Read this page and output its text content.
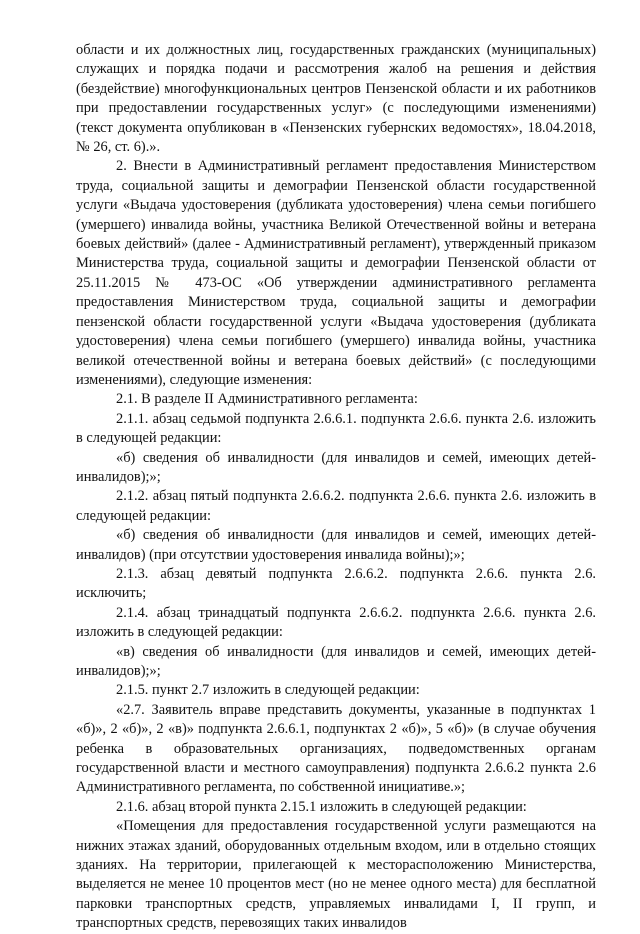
области и их должностных лиц, государственных гражданских (муниципальных) служащих и порядка подачи и рассмотрения жалоб на решения и действия (бездействие) многофункциональных центров Пензенской области и их работников при предоставлении государственных услуг» (с последующими изменениями) (текст документа опубликован в «Пензенских губернских ведомостях», 18.04.2018, № 26, ст. 6).».

2. Внести в Административный регламент предоставления Министерством труда, социальной защиты и демографии Пензенской области государственной услуги «Выдача удостоверения (дубликата удостоверения) члена семьи погибшего (умершего) инвалида войны, участника Великой Отечественной войны и ветерана боевых действий» (далее - Административный регламент), утвержденный приказом Министерства труда, социальной защиты и демографии Пензенской области от 25.11.2015 № 473-ОС «Об утверждении административного регламента предоставления Министерством труда, социальной защиты и демографии пензенской области государственной услуги «Выдача удостоверения (дубликата удостоверения) члена семьи погибшего (умершего) инвалида войны, участника великой отечественной войны и ветерана боевых действий» (с последующими изменениями), следующие изменения:

2.1. В разделе II Административного регламента:

2.1.1. абзац седьмой подпункта 2.6.6.1. подпункта 2.6.6. пункта 2.6. изложить в следующей редакции:

«б) сведения об инвалидности (для инвалидов и семей, имеющих детей-инвалидов);»;

2.1.2. абзац пятый подпункта 2.6.6.2. подпункта 2.6.6. пункта 2.6. изложить в следующей редакции:

«б) сведения об инвалидности (для инвалидов и семей, имеющих детей-инвалидов) (при отсутствии удостоверения инвалида войны);»;

2.1.3. абзац девятый подпункта 2.6.6.2. подпункта 2.6.6. пункта 2.6. исключить;

2.1.4. абзац тринадцатый подпункта 2.6.6.2. подпункта 2.6.6. пункта 2.6. изложить в следующей редакции:

«в) сведения об инвалидности (для инвалидов и семей, имеющих детей-инвалидов);»;

2.1.5. пункт 2.7 изложить в следующей редакции:

«2.7. Заявитель вправе представить документы, указанные в подпунктах 1 «б)», 2 «б)», 2 «в)» подпункта 2.6.6.1, подпунктах 2 «б)», 5 «б)» (в случае обучения ребенка в образовательных организациях, подведомственных органам государственной власти и местного самоуправления) подпункта 2.6.6.2 пункта 2.6 Административного регламента, по собственной инициативе.»;

2.1.6. абзац второй пункта 2.15.1 изложить в следующей редакции:

«Помещения для предоставления государственной услуги размещаются на нижних этажах зданий, оборудованных отдельным входом, или в отдельно стоящих зданиях. На территории, прилегающей к месторасположению Министерства, выделяется не менее 10 процентов мест (но не менее одного места) для бесплатной парковки транспортных средств, управляемых инвалидами I, II групп, и транспортных средств, перевозящих таких инвалидов
